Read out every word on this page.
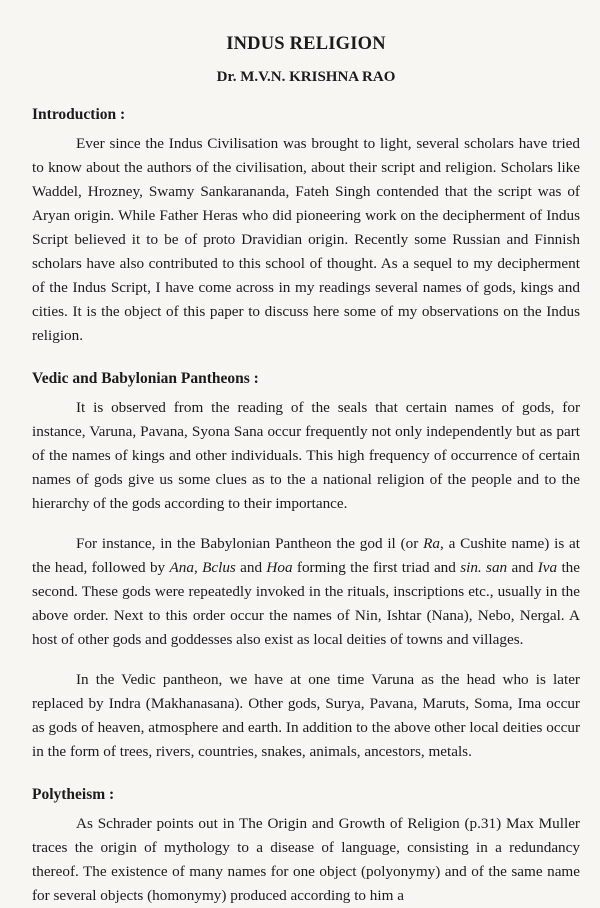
INDUS RELIGION
Dr. M.V.N. KRISHNA RAO
Introduction :

Ever since the Indus Civilisation was brought to light, several scholars have tried to know about the authors of the civilisation, about their script and religion. Scholars like Waddel, Hrozney, Swamy Sankarananda, Fateh Singh contended that the script was of Aryan origin. While Father Heras who did pioneering work on the decipherment of Indus Script believed it to be of proto Dravidian origin. Recently some Russian and Finnish scholars have also contributed to this school of thought. As a sequel to my decipherment of the Indus Script, I have come across in my readings several names of gods, kings and cities. It is the object of this paper to discuss here some of my observations on the Indus religion.

Vedic and Babylonian Pantheons :

It is observed from the reading of the seals that certain names of gods, for instance, Varuna, Pavana, Syona Sana occur frequently not only independently but as part of the names of kings and other individuals. This high frequency of occurrence of certain names of gods give us some clues as to the a national religion of the people and to the hierarchy of the gods according to their importance.

For instance, in the Babylonian Pantheon the god il (or Ra, a Cushite name) is at the head, followed by Ana, Bclus and Hoa forming the first triad and sin. san and Iva the second. These gods were repeatedly invoked in the rituals, inscriptions etc., usually in the above order. Next to this order occur the names of Nin, Ishtar (Nana), Nebo, Nergal. A host of other gods and goddesses also exist as local deities of towns and villages.

In the Vedic pantheon, we have at one time Varuna as the head who is later replaced by Indra (Makhanasana). Other gods, Surya, Pavana, Maruts, Soma, Ima occur as gods of heaven, atmosphere and earth. In addition to the above other local deities occur in the form of trees, rivers, countries, snakes, animals, ancestors, metals.

Polytheism :

As Schrader points out in The Origin and Growth of Religion (p.31) Max Muller traces the origin of mythology to a disease of language, consisting in a redundancy thereof. The existence of many names for one object (polyonymy) and of the same name for several objects (homonymy) produced according to him a
